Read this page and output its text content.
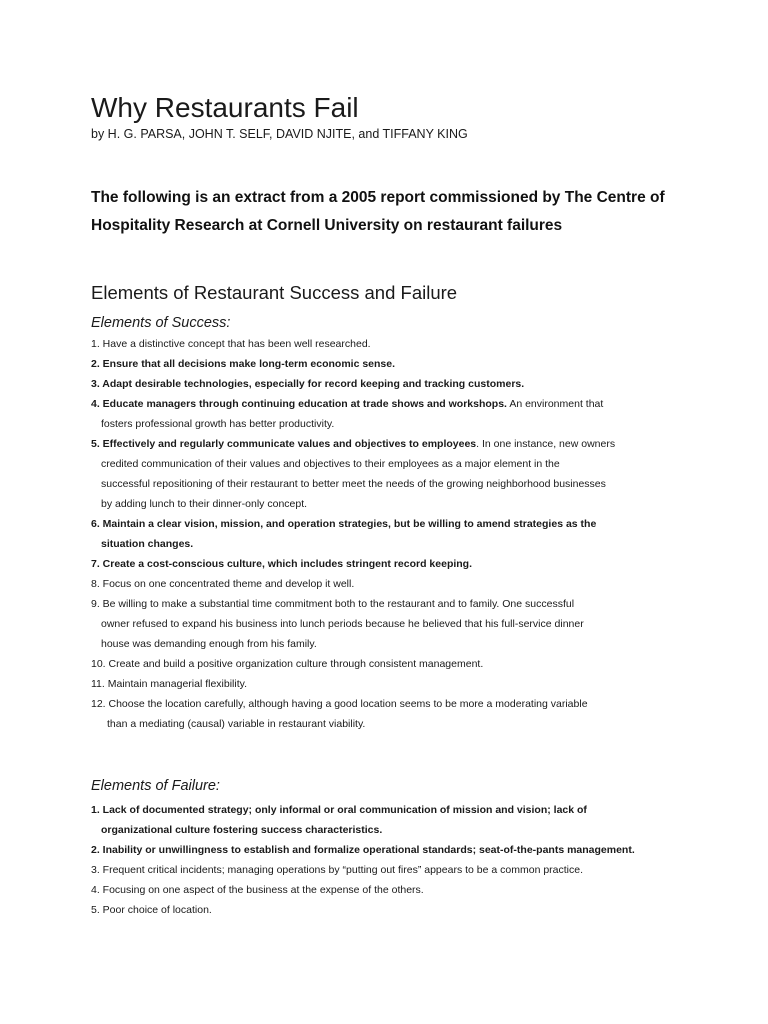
Why Restaurants Fail
by H. G. PARSA, JOHN T. SELF, DAVID NJITE, and TIFFANY KING
The following is an extract from a 2005 report commissioned by The Centre of Hospitality Research at Cornell University on restaurant failures
Elements of Restaurant Success and Failure
Elements of Success:
1. Have a distinctive concept that has been well researched.
2. Ensure that all decisions make long-term economic sense.
3. Adapt desirable technologies, especially for record keeping and tracking customers.
4. Educate managers through continuing education at trade shows and workshops. An environment that
fosters professional growth has better productivity.
5. Effectively and regularly communicate values and objectives to employees. In one instance, new owners
credited communication of their values and objectives to their employees as a major element in the
successful repositioning of their restaurant to better meet the needs of the growing neighborhood businesses
by adding lunch to their dinner-only concept.
6. Maintain a clear vision, mission, and operation strategies, but be willing to amend strategies as the
situation changes.
7. Create a cost-conscious culture, which includes stringent record keeping.
8. Focus on one concentrated theme and develop it well.
9. Be willing to make a substantial time commitment both to the restaurant and to family. One successful
owner refused to expand his business into lunch periods because he believed that his full-service dinner
house was demanding enough from his family.
10. Create and build a positive organization culture through consistent management.
11. Maintain managerial flexibility.
12. Choose the location carefully, although having a good location seems to be more a moderating variable
than a mediating (causal) variable in restaurant viability.
Elements of Failure:
1. Lack of documented strategy; only informal or oral communication of mission and vision; lack of
organizational culture fostering success characteristics.
2. Inability or unwillingness to establish and formalize operational standards; seat-of-the-pants management.
3. Frequent critical incidents; managing operations by “putting out fires” appears to be a common practice.
4. Focusing on one aspect of the business at the expense of the others.
5. Poor choice of location.
